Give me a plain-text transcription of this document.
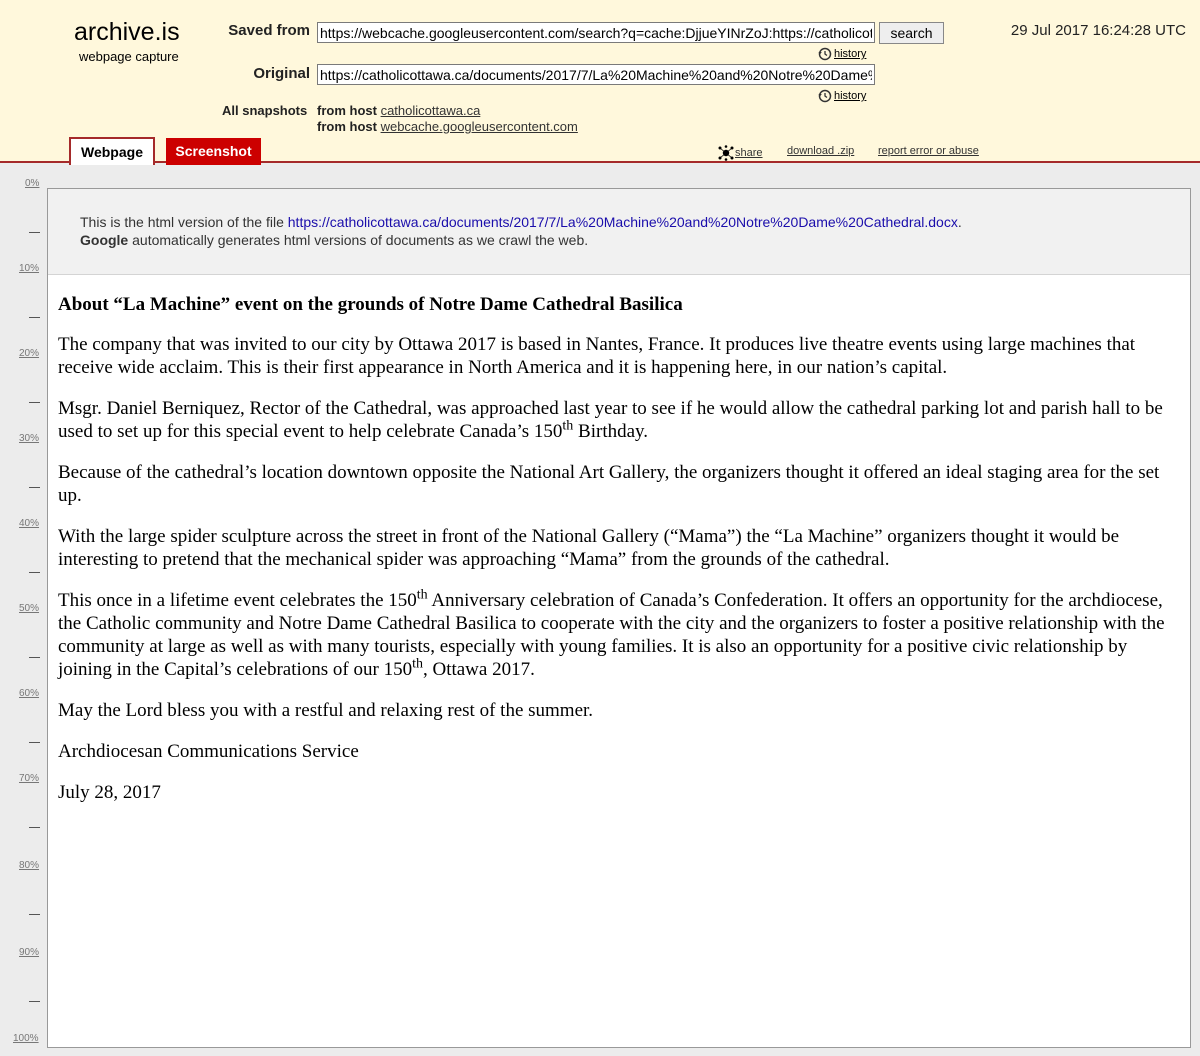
archive.is
webpage capture
Saved from
https://webcache.googleusercontent.com/search?q=cache:DjjueYINrZoJ:https://catholicottawa.ca/documents/2017/7/La%20Machine%20and%20Notre%20Dame%20Cathedral.docx	search
history
Original
https://catholicottawa.ca/documents/2017/7/La%20Machine%20and%20Notre%20Dame%20Cathedral.docx
history
29 Jul 2017 16:24:28 UTC
All snapshots from host catholicottawa.ca
from host webcache.googleusercontent.com
Webpage	Screenshot	share download .zip report error or abuse
0%
10%
20%
30%
40%
50%
60%
70%
80%
90%
100%
This is the html version of the file https://catholicottawa.ca/documents/2017/7/La%20Machine%20and%20Notre%20Dame%20Cathedral.docx.
Google automatically generates html versions of documents as we crawl the web.
About “La Machine” event on the grounds of Notre Dame Cathedral Basilica

The company that was invited to our city by Ottawa 2017 is based in Nantes, France. It produces live theatre events using large machines that receive wide acclaim. This is their first appearance in North America and it is happening here, in our nation’s capital.

Msgr. Daniel Berniquez, Rector of the Cathedral, was approached last year to see if he would allow the cathedral parking lot and parish hall to be used to set up for this special event to help celebrate Canada’s 150th Birthday.

Because of the cathedral’s location downtown opposite the National Art Gallery, the organizers thought it offered an ideal staging area for the set up.

With the large spider sculpture across the street in front of the National Gallery (“Mama”) the “La Machine” organizers thought it would be interesting to pretend that the mechanical spider was approaching “Mama” from the grounds of the cathedral.

This once in a lifetime event celebrates the 150th Anniversary celebration of Canada’s Confederation. It offers an opportunity for the archdiocese, the Catholic community and Notre Dame Cathedral Basilica to cooperate with the city and the organizers to foster a positive relationship with the community at large as well as with many tourists, especially with young families. It is also an opportunity for a positive civic relationship by joining in the Capital’s celebrations of our 150th, Ottawa 2017.

May the Lord bless you with a restful and relaxing rest of the summer.

Archdiocesan Communications Service

July 28, 2017
